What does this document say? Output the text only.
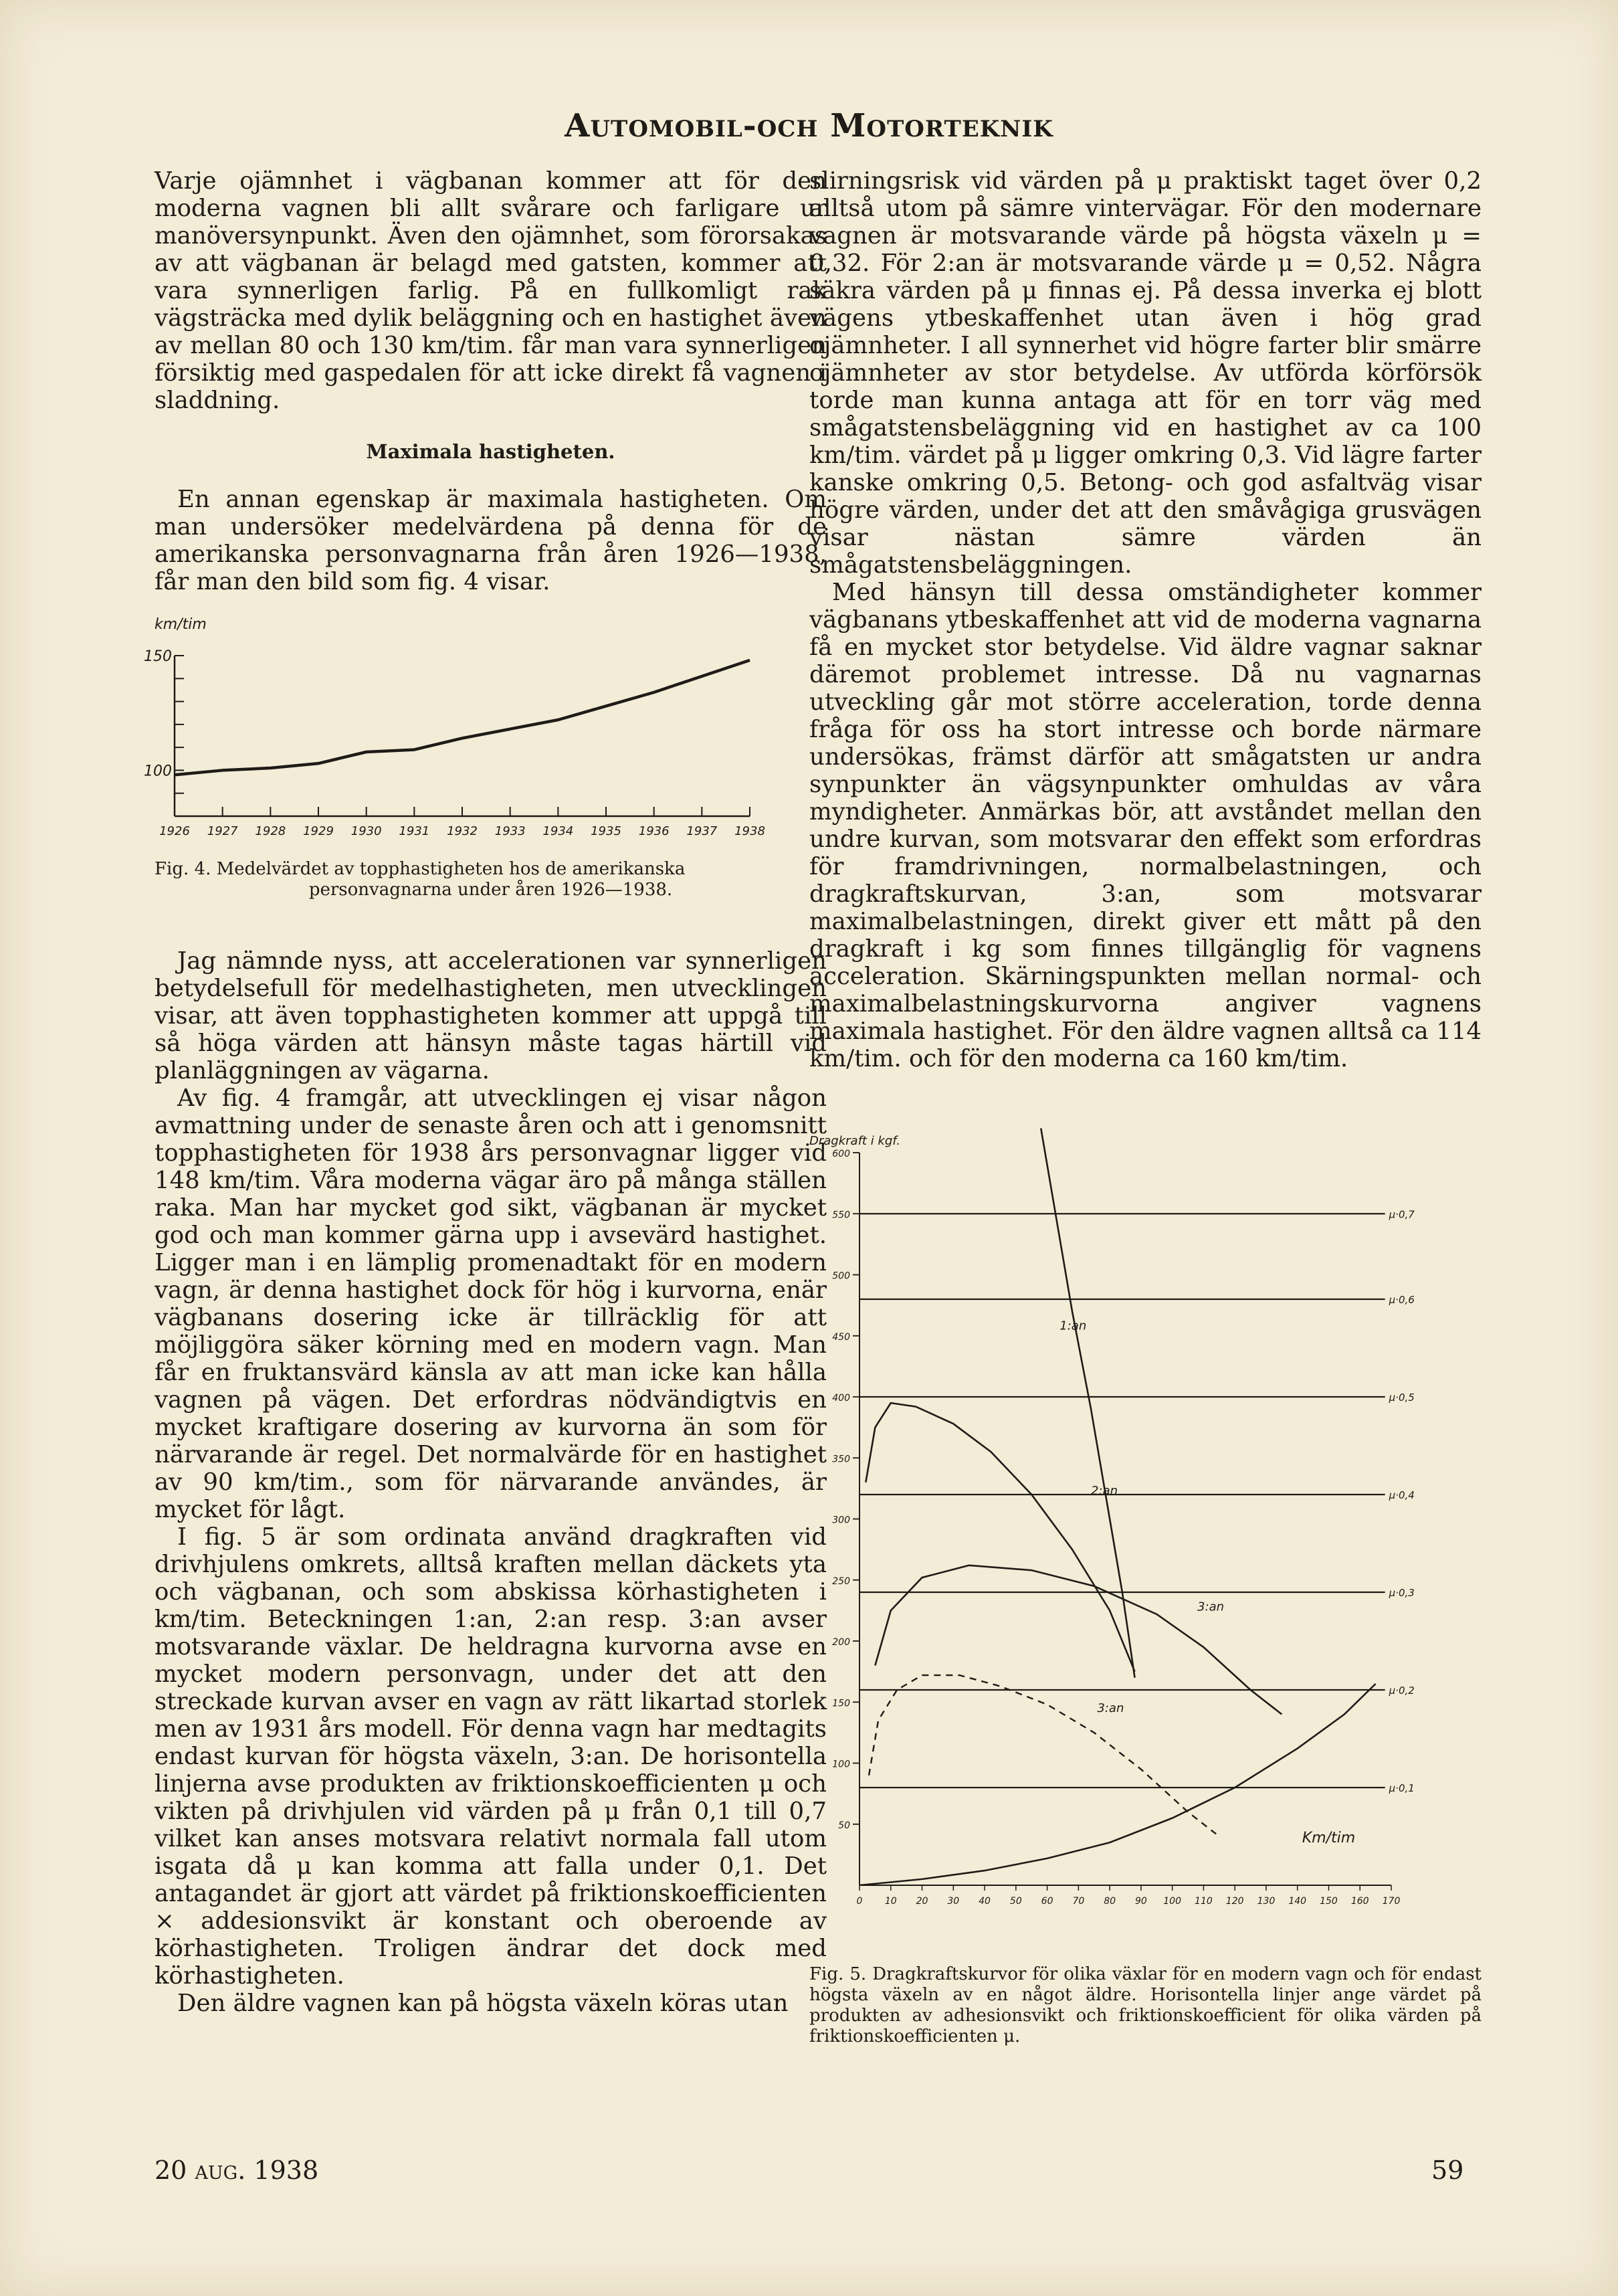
Automobil-och Motorteknik

Varje ojämnhet i vägbanan kommer att för den moderna vagnen bli allt svårare och farligare ur manöversynpunkt. Även den ojämnhet, som förorsakas av att vägbanan är belagd med gatsten, kommer att vara synnerligen farlig. På en fullkomligt rak vägsträcka med dylik beläggning och en hastighet även av mellan 80 och 130 km/tim. får man vara synnerligen försiktig med gaspedalen för att icke direkt få vagnen i sladdning.

Maximala hastigheten.

En annan egenskap är maximala hastigheten. Om man undersöker medelvärdena på denna för de amerikanska personvagnarna från åren 1926—1938, får man den bild som fig. 4 visar.

km/tim
150
100
1926 1927 1928 1929 1930 1931 1932 1933 1934 1935 1936 1937 1938
Fig. 4. Medelvärdet av topphastigheten hos de amerikanska
personvagnarna under åren 1926—1938.

Jag nämnde nyss, att accelerationen var synnerligen betydelsefull för medelhastigheten, men utvecklingen visar, att även topphastigheten kommer att uppgå till så höga värden att hänsyn måste tagas härtill vid planläggningen av vägarna.

Av fig. 4 framgår, att utvecklingen ej visar någon avmattning under de senaste åren och att i genomsnitt topphastigheten för 1938 års personvagnar ligger vid 148 km/tim. Våra moderna vägar äro på många ställen raka. Man har mycket god sikt, vägbanan är mycket god och man kommer gärna upp i avsevärd hastighet. Ligger man i en lämplig promenadtakt för en modern vagn, är denna hastighet dock för hög i kurvorna, enär vägbanans dosering icke är tillräcklig för att möjliggöra säker körning med en modern vagn. Man får en fruktansvärd känsla av att man icke kan hålla vagnen på vägen. Det erfordras nödvändigtvis en mycket kraftigare dosering av kurvorna än som för närvarande är regel. Det normalvärde för en hastighet av 90 km/tim., som för närvarande användes, är mycket för lågt.

I fig. 5 är som ordinata använd dragkraften vid drivhjulens omkrets, alltså kraften mellan däckets yta och vägbanan, och som abskissa körhastigheten i km/tim. Beteckningen 1:an, 2:an resp. 3:an avser motsvarande växlar. De heldragna kurvorna avse en mycket modern personvagn, under det att den streckade kurvan avser en vagn av rätt likartad storlek men av 1931 års modell. För denna vagn har medtagits endast kurvan för högsta växeln, 3:an. De horisontella linjerna avse produkten av friktionskoefficienten μ och vikten på drivhjulen vid värden på μ från 0,1 till 0,7 vilket kan anses motsvara relativt normala fall utom isgata då μ kan komma att falla under 0,1. Det antagandet är gjort att värdet på friktionskoefficienten × addesionsvikt är konstant och oberoende av körhastigheten. Troligen ändrar det dock med körhastigheten.

Den äldre vagnen kan på högsta växeln köras utan

slirningsrisk vid värden på μ praktiskt taget över 0,2 alltså utom på sämre vintervägar. För den modernare vagnen är motsvarande värde på högsta växeln μ = 0,32. För 2:an är motsvarande värde μ = 0,52. Några säkra värden på μ finnas ej. På dessa inverka ej blott vägens ytbeskaffenhet utan även i hög grad ojämnheter. I all synnerhet vid högre farter blir smärre ojämnheter av stor betydelse. Av utförda körförsök torde man kunna antaga att för en torr väg med smågatstensbeläggning vid en hastighet av ca 100 km/tim. värdet på μ ligger omkring 0,3. Vid lägre farter kanske omkring 0,5. Betong- och god asfaltväg visar högre värden, under det att den småvågiga grusvägen visar nästan sämre värden än smågatstensbeläggningen.

Med hänsyn till dessa omständigheter kommer vägbanans ytbeskaffenhet att vid de moderna vagnarna få en mycket stor betydelse. Vid äldre vagnar saknar däremot problemet intresse. Då nu vagnarnas utveckling går mot större acceleration, torde denna fråga för oss ha stort intresse och borde närmare undersökas, främst därför att smågatsten ur andra synpunkter än vägsynpunkter omhuldas av våra myndigheter. Anmärkas bör, att avståndet mellan den undre kurvan, som motsvarar den effekt som erfordras för framdrivningen, normalbelastningen, och dragkraftskurvan, 3:an, som motsvarar maximalbelastningen, direkt giver ett mått på den dragkraft i kg som finnes tillgänglig för vagnens acceleration. Skärningspunkten mellan normal- och maximalbelastningskurvorna angiver vagnens maximala hastighet. För den äldre vagnen alltså ca 114 km/tim. och för den moderna ca 160 km/tim.

Dragkraft i kgf.
600
550
500
450
400
350
300
250
200
150
100
50
0 10 20 30 40 50 60 70 80 90 100 110 120 130 140 150 160 170
Km/tim
μ·0,7
μ·0,6
μ·0,5
μ·0,4
μ·0,3
μ·0,2
μ·0,1
1:an
2:an
3:an
3:an
Fig. 5. Dragkraftskurvor för olika växlar för en modern vagn och för endast högsta växeln av en något äldre. Horisontella linjer ange värdet på produkten av adhesionsvikt och friktionskoefficient för olika värden på friktionskoefficienten μ.
20 aug. 1938	59
